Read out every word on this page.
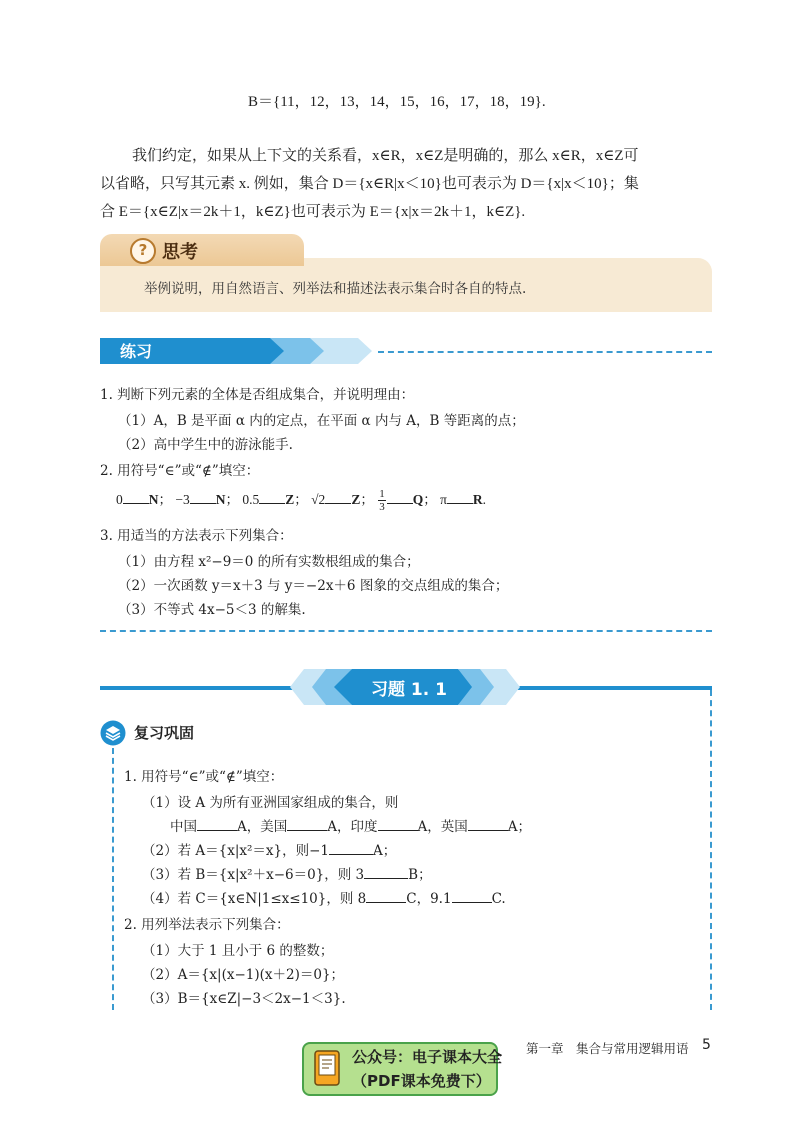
B＝{11，12，13，14，15，16，17，18，19}.
我们约定，如果从上下文的关系看，x∈R，x∈Z是明确的，那么 x∈R，x∈Z可
以省略，只写其元素 x. 例如，集合 D＝{x∈R|x＜10}也可表示为 D＝{x|x＜10}；集
合 E＝{x∈Z|x＝2k＋1，k∈Z}也可表示为 E＝{x|x＝2k＋1，k∈Z}.
? 思考
举例说明，用自然语言、列举法和描述法表示集合时各自的特点.
练习
1. 判断下列元素的全体是否组成集合，并说明理由：
（1）A，B 是平面 α 内的定点，在平面 α 内与 A，B 等距离的点；
（2）高中学生中的游泳能手.
2. 用符号“∈”或“∉”填空：
0 N； −3 N； 0.5 Z； √2 Z； $\frac{1}{3}$ Q； π R.
3. 用适当的方法表示下列集合：
（1）由方程 x²−9＝0 的所有实数根组成的集合；
（2）一次函数 y＝x＋3 与 y＝−2x＋6 图象的交点组成的集合；
（3）不等式 4x−5＜3 的解集.
习题 1. 1
复习巩固
1. 用符号“∈”或“∉”填空：
（1）设 A 为所有亚洲国家组成的集合，则
中国	A，美国	A，印度	A，英国	A；
（2）若 A＝{x|x²＝x}，则−1	A；
（3）若 B＝{x|x²＋x−6＝0}，则 3	B；
（4）若 C＝{x∈N|1≤x≤10}，则 8	C，9.1	C.
2. 用列举法表示下列集合：
（1）大于 1 且小于 6 的整数；
（2）A＝{x|(x−1)(x＋2)＝0}；
（3）B＝{x∈Z|−3＜2x−1＜3}.
第一章　集合与常用逻辑用语 5
公众号：电子课本大全
（PDF课本免费下）
